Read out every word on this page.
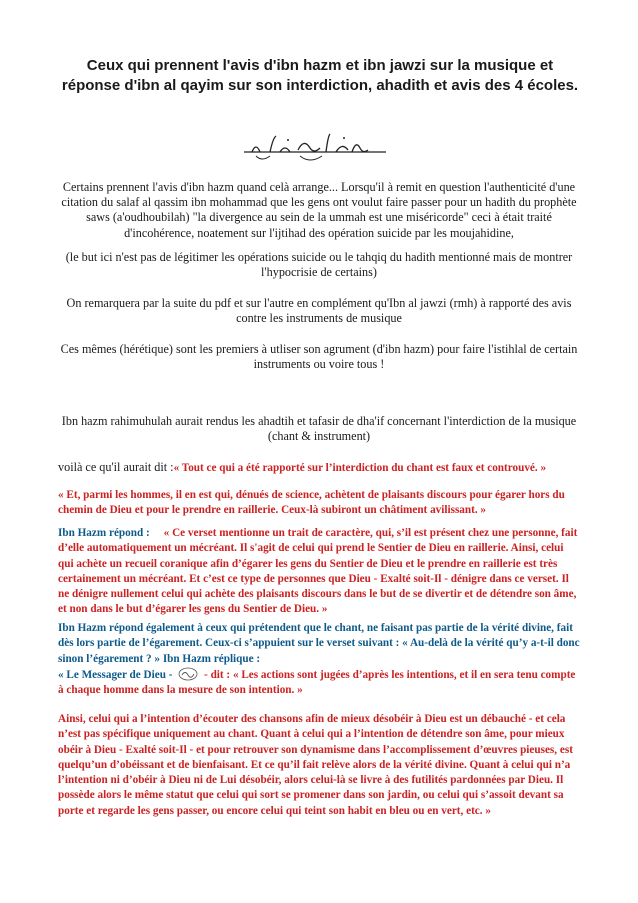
Ceux qui prennent l'avis d'ibn hazm et ibn jawzi sur la musique et réponse d'ibn al qayim sur son interdiction, ahadith et avis des 4 écoles.

Certains prennent l'avis d'ibn hazm quand celà arrange... Lorsqu'il à remit en question l'authenticité d'une citation du salaf al qassim ibn mohammad que les gens ont voulut faire passer pour un hadith du prophète saws (a'oudhoubilah) "la divergence au sein de la ummah est une miséricorde" ceci à était traité d'incohérence, noatement sur l'ijtihad des opération suicide par les moujahidine,

(le but ici n'est pas de légitimer les opérations suicide ou le tahqiq du hadith mentionné mais de montrer l'hypocrisie de certains)

On remarquera par la suite du pdf et sur l'autre en complément qu'Ibn al jawzi (rmh) à rapporté des avis contre les instruments de musique

Ces mêmes (hérétique) sont les premiers à utliser son agrument (d'ibn hazm) pour faire l'istihlal de certain instruments ou voire tous !

Ibn hazm rahimuhulah aurait rendus les ahadtih et tafasir de dha'if concernant l'interdiction de la musique (chant & instrument)

voilà ce qu'il aurait dit :« Tout ce qui a été rapporté sur l’interdiction du chant est faux et controuvé. »

« Et, parmi les hommes, il en est qui, dénués de science, achètent de plaisants discours pour égarer hors du chemin de Dieu et pour le prendre en raillerie. Ceux-là subiront un châtiment avilissant. »

Ibn Hazm répond : « Ce verset mentionne un trait de caractère, qui, s’il est présent chez une personne, fait d’elle automatiquement un mécréant. Il s'agit de celui qui prend le Sentier de Dieu en raillerie. Ainsi, celui qui achète un recueil coranique afin d’égarer les gens du Sentier de Dieu et le prendre en raillerie est très certainement un mécréant. Et c’est ce type de personnes que Dieu - Exalté soit-Il - dénigre dans ce verset. Il ne dénigre nullement celui qui achète des plaisants discours dans le but de se divertir et de détendre son âme, et non dans le but d’égarer les gens du Sentier de Dieu. »

Ibn Hazm répond également à ceux qui prétendent que le chant, ne faisant pas partie de la vérité divine, fait dès lors partie de l’égarement. Ceux-ci s’appuient sur le verset suivant : « Au-delà de la vérité qu’y a-t-il donc sinon l’égarement ? » Ibn Hazm réplique :
« Le Messager de Dieu -	- dit : « Les actions sont jugées d’après les intentions, et il en sera tenu compte à chaque homme dans la mesure de son intention. »

Ainsi, celui qui a l’intention d’écouter des chansons afin de mieux désobéir à Dieu est un débauché - et cela n’est pas spécifique uniquement au chant. Quant à celui qui a l’intention de détendre son âme, pour mieux obéir à Dieu - Exalté soit-Il - et pour retrouver son dynamisme dans l’accomplissement d’œuvres pieuses, est quelqu’un d’obéissant et de bienfaisant. Et ce qu’il fait relève alors de la vérité divine. Quant à celui qui n’a l’intention ni d’obéir à Dieu ni de Lui désobéir, alors celui-là se livre à des futilités pardonnées par Dieu. Il possède alors le même statut que celui qui sort se promener dans son jardin, ou celui qui s’assoit devant sa porte et regarde les gens passer, ou encore celui qui teint son habit en bleu ou en vert, etc. »
